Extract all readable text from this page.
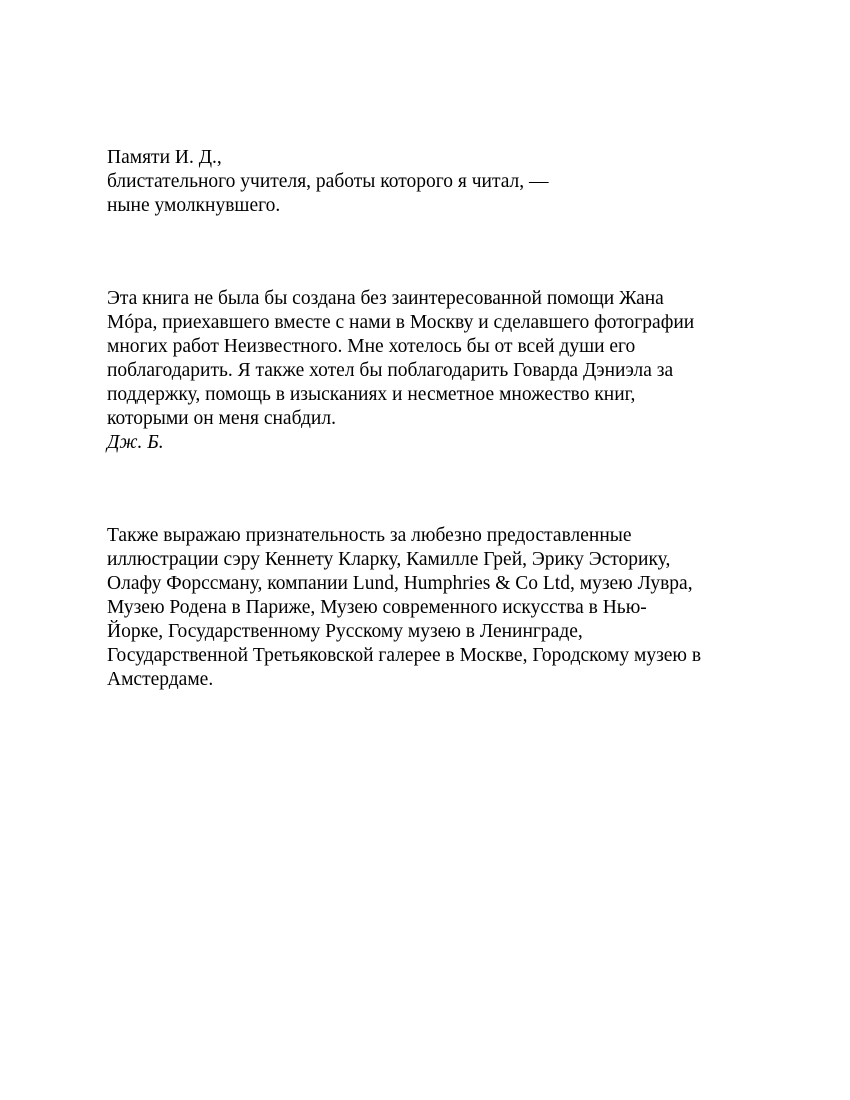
Памяти И. Д.,
блистательного учителя, работы которого я читал, —
ныне умолкнувшего.

Эта книга не была бы создана без заинтересованной помощи Жана
Мóра, приехавшего вместе с нами в Москву и сделавшего фотографии
многих работ Неизвестного. Мне хотелось бы от всей души его
поблагодарить. Я также хотел бы поблагодарить Говарда Дэниэла за
поддержку, помощь в изысканиях и несметное множество книг,
которыми он меня снабдил.
Дж. Б.

Также выражаю признательность за любезно предоставленные
иллюстрации сэру Кеннету Кларку, Камилле Грей, Эрику Эсторику,
Олафу Форссману, компании Lund, Humphries & Co Ltd, музею Лувра,
Музею Родена в Париже, Музею современного искусства в Нью-
Йорке, Государственному Русскому музею в Ленинграде,
Государственной Третьяковской галерее в Москве, Городскому музею в
Амстердаме.
